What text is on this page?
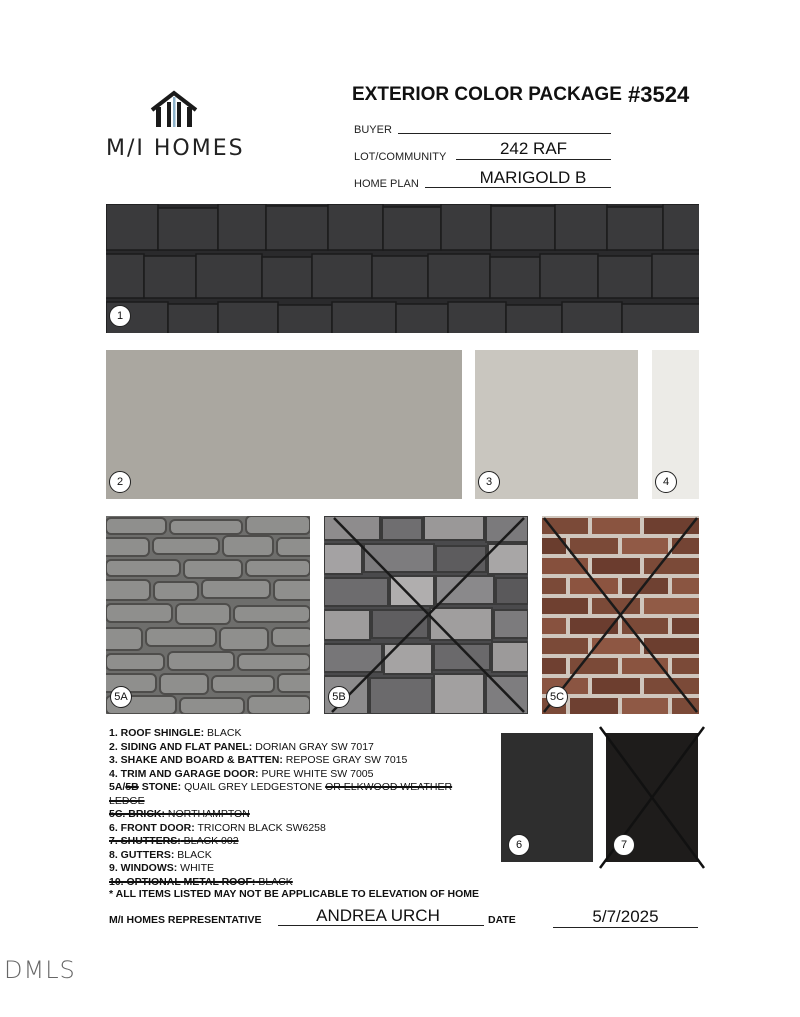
M/I HOMES
EXTERIOR COLOR PACKAGE #3524
BUYER
LOT/COMMUNITY	242 RAF
HOME PLAN	MARIGOLD B
1
2	3	4
5A	5B	5C
6	7
1. ROOF SHINGLE: BLACK
2. SIDING AND FLAT PANEL: DORIAN GRAY SW 7017
3. SHAKE AND BOARD & BATTEN: REPOSE GRAY SW 7015
4. TRIM AND GARAGE DOOR: PURE WHITE SW 7005
5A/5B STONE: QUAIL GREY LEDGESTONE OR ELKWOOD WEATHER
LEDGE
5C. BRICK: NORTHAMPTON
6. FRONT DOOR: TRICORN BLACK SW6258
7. SHUTTERS: BLACK 002
8. GUTTERS: BLACK
9. WINDOWS: WHITE
10. OPTIONAL METAL ROOF: BLACK
* ALL ITEMS LISTED MAY NOT BE APPLICABLE TO ELEVATION OF HOME
M/I HOMES REPRESENTATIVE	ANDREA URCH	DATE	5/7/2025
DMLS
